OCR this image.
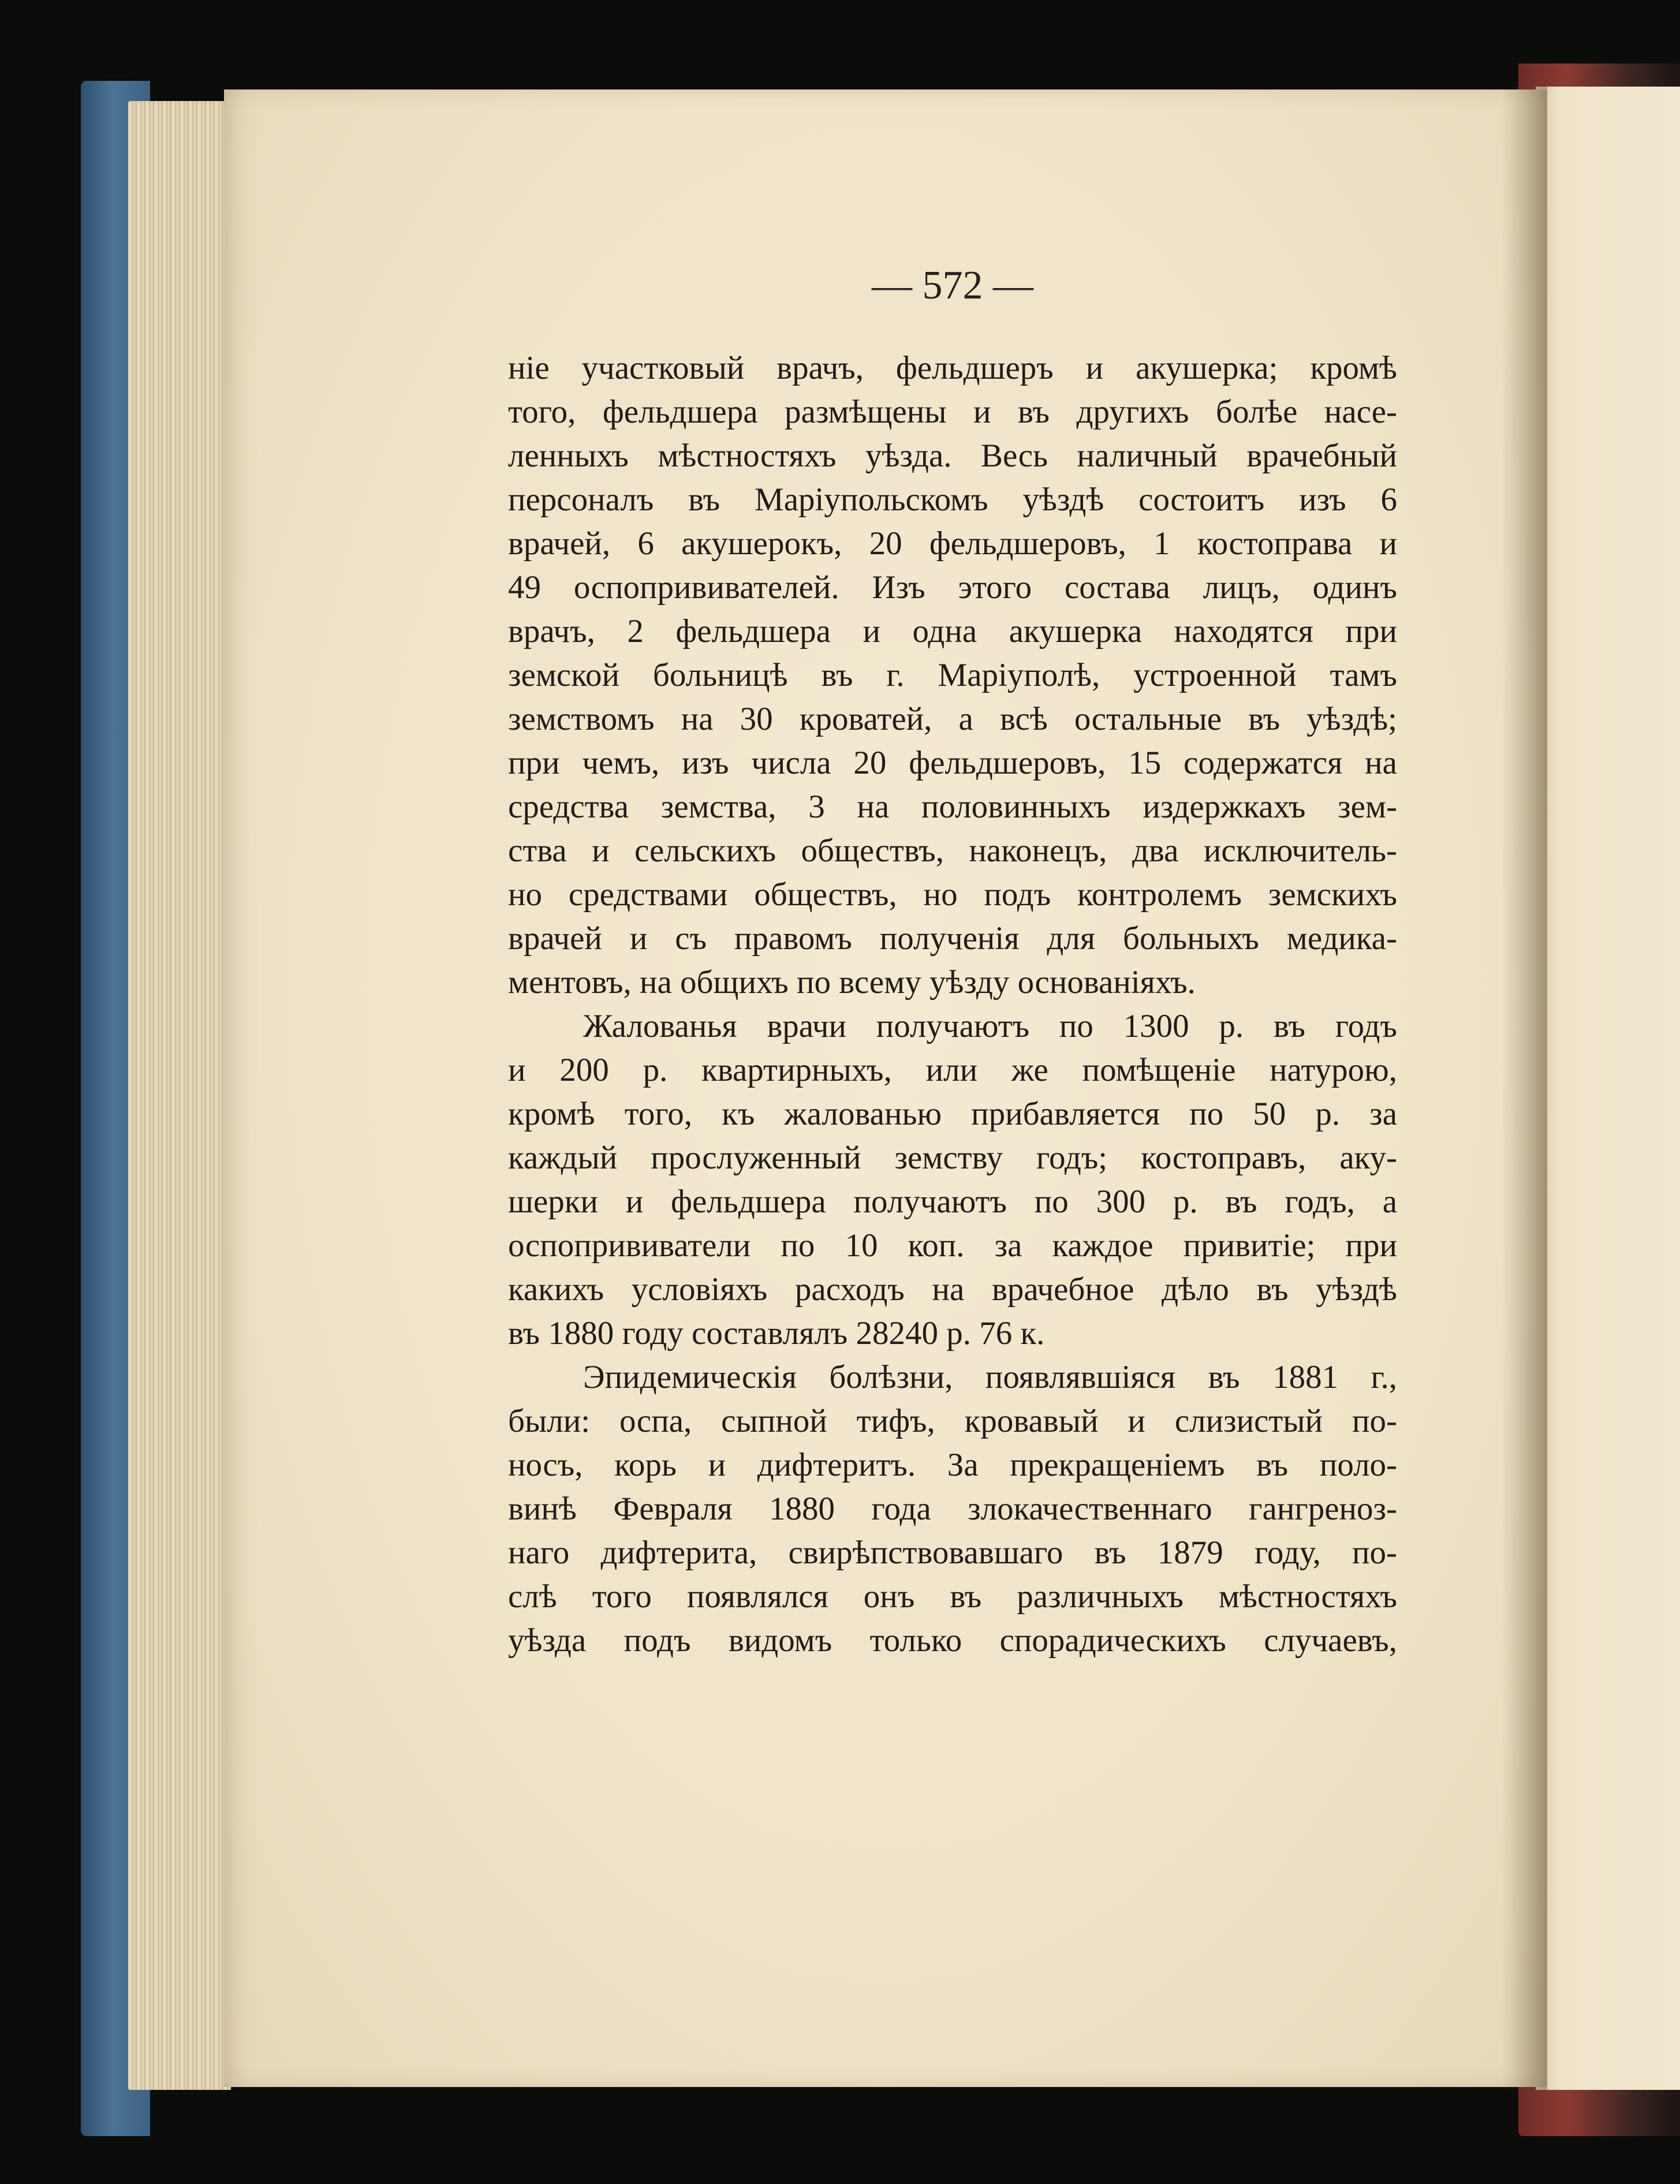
— 572 —
ніе участковый врачъ, фельдшеръ и акушерка; кромѣ
того, фельдшера размѣщены и въ другихъ болѣе насе-
ленныхъ мѣстностяхъ уѣзда. Весь наличный врачебный
персоналъ въ Маріупольскомъ уѣздѣ состоитъ изъ 6
врачей, 6 акушерокъ, 20 фельдшеровъ, 1 костоправа и
49 оспопрививателей. Изъ этого состава лицъ, одинъ
врачъ, 2 фельдшера и одна акушерка находятся при
земской больницѣ въ г. Маріуполѣ, устроенной тамъ
земствомъ на 30 кроватей, а всѣ остальные въ уѣздѣ;
при чемъ, изъ числа 20 фельдшеровъ, 15 содержатся на
средства земства, 3 на половинныхъ издержкахъ зем-
ства и сельскихъ обществъ, наконецъ, два исключитель-
но средствами обществъ, но подъ контролемъ земскихъ
врачей и съ правомъ полученія для больныхъ медика-
ментовъ, на общихъ по всему уѣзду основаніяхъ.
Жалованья врачи получаютъ по 1300 р. въ годъ
и 200 р. квартирныхъ, или же помѣщеніе натурою,
кромѣ того, къ жалованью прибавляется по 50 р. за
каждый прослуженный земству годъ; костоправъ, аку-
шерки и фельдшера получаютъ по 300 р. въ годъ, а
оспопрививатели по 10 коп. за каждое привитіе; при
какихъ условіяхъ расходъ на врачебное дѣло въ уѣздѣ
въ 1880 году составлялъ 28240 р. 76 к.
Эпидемическія болѣзни, появлявшіяся въ 1881 г.,
были: оспа, сыпной тифъ, кровавый и слизистый по-
носъ, корь и дифтеритъ. За прекращеніемъ въ поло-
винѣ Февраля 1880 года злокачественнаго гангреноз-
наго дифтерита, свирѣпствовавшаго въ 1879 году, по-
слѣ того появлялся онъ въ различныхъ мѣстностяхъ
уѣзда подъ видомъ только спорадическихъ случаевъ,
